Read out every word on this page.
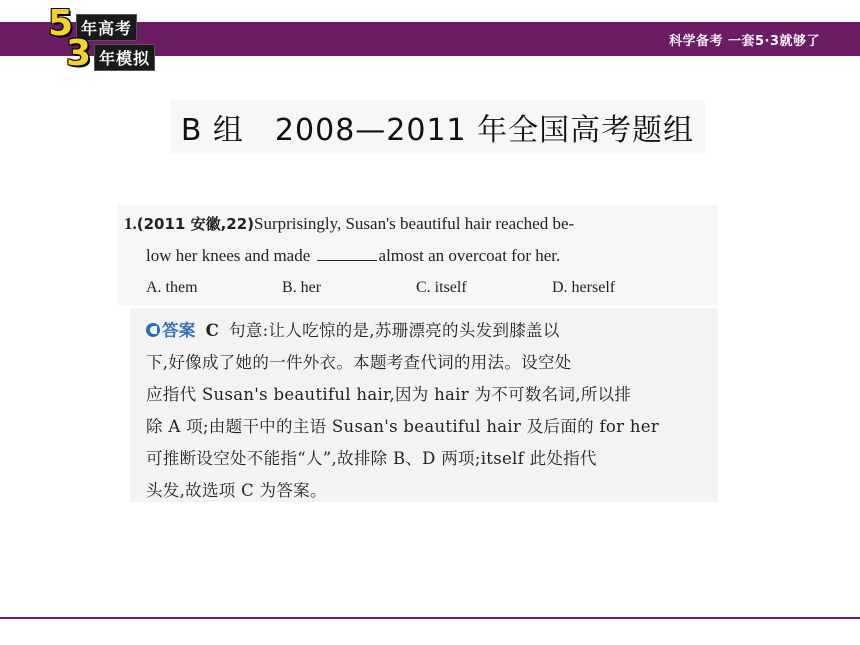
科学备考 一套5·3就够了
5 年高考
3 年模拟
B 组　2008—2011 年全国高考题组
1.(2011 安徽,22)Surprisingly, Susan's beautiful hair reached be-
low her knees and made	almost an overcoat for her.
A. them	B. her	C. itself	D. herself
答案 C 句意:让人吃惊的是,苏珊漂亮的头发到膝盖以
下,好像成了她的一件外衣。本题考查代词的用法。设空处
应指代 Susan's beautiful hair,因为 hair 为不可数名词,所以排
除 A 项;由题干中的主语 Susan's beautiful hair 及后面的 for her
可推断设空处不能指“人”,故排除 B、D 两项;itself 此处指代
头发,故选项 C 为答案。
